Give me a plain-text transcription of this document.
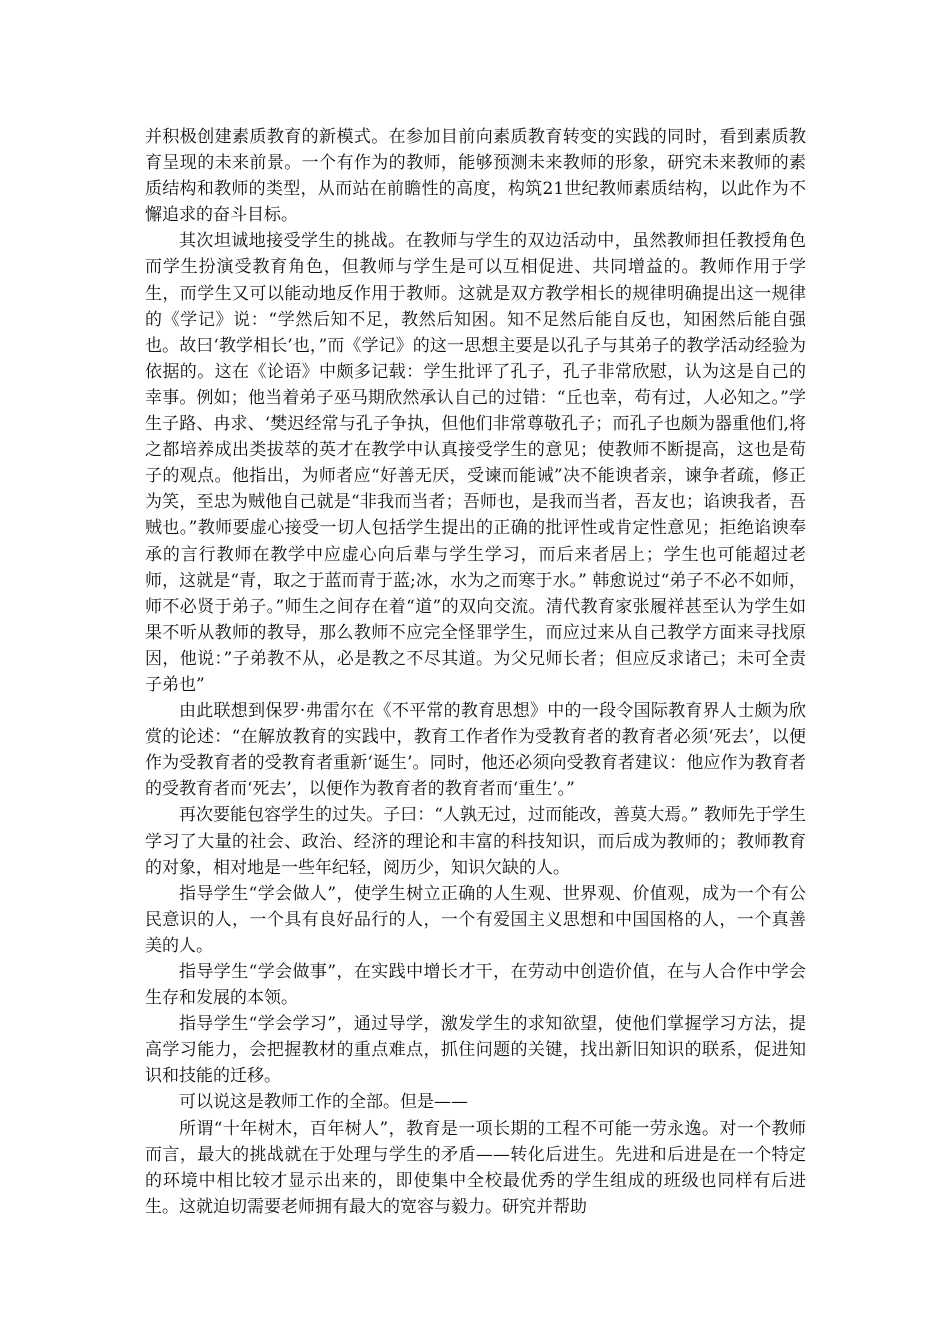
并积极创建素质教育的新模式。在参加目前向素质教育转变的实践的同时，看到素质教育呈现的未来前景。一个有作为的教师，能够预测未来教师的形象，研究未来教师的素质结构和教师的类型，从而站在前瞻性的高度，构筑21世纪教师素质结构，以此作为不懈追求的奋斗目标。

其次坦诚地接受学生的挑战。在教师与学生的双边活动中，虽然教师担任教授角色而学生扮演受教育角色，但教师与学生是可以互相促进、共同增益的。教师作用于学生，而学生又可以能动地反作用于教师。这就是双方教学相长的规律明确提出这一规律的《学记》说：“学然后知不足，教然后知困。知不足然后能自反也，知困然后能自强也。故曰‘教学相长’也，”而《学记》的这一思想主要是以孔子与其弟子的教学活动经验为依据的。这在《论语》中颇多记载：学生批评了孔子，孔子非常欣慰，认为这是自己的幸事。例如；他当着弟子巫马期欣然承认自己的过错：“丘也幸，苟有过，人必知之。”学生子路、冉求、‘樊迟经常与孔子争执，但他们非常尊敬孔子；而孔子也颇为器重他们,将之都培养成出类拔萃的英才在教学中认真接受学生的意见；使教师不断提高，这也是荀子的观点。他指出，为师者应“好善无厌，受谏而能诫”决不能谀者亲，谏争者疏，修正为笑，至忠为贼他自己就是“非我而当者；吾师也，是我而当者，吾友也；谄谀我者，吾贼也。”教师要虚心接受一切人包括学生提出的正确的批评性或肯定性意见；拒绝谄谀奉承的言行教师在教学中应虚心向后辈与学生学习，而后来者居上；学生也可能超过老师，这就是“青，取之于蓝而青于蓝;冰，水为之而寒于水。” 韩愈说过“弟子不必不如师，师不必贤于弟子。”师生之间存在着“道”的双向交流。清代教育家张履祥甚至认为学生如果不听从教师的教导，那么教师不应完全怪罪学生，而应过来从自己教学方面来寻找原因，他说：”子弟教不从，必是教之不尽其道。为父兄师长者；但应反求诸己；未可全责子弟也”

由此联想到保罗·弗雷尔在《不平常的教育思想》中的一段令国际教育界人士颇为欣赏的论述：“在解放教育的实践中，教育工作者作为受教育者的教育者必须‘死去’，以便作为受教育者的受教育者重新‘诞生’。同时，他还必须向受教育者建议：他应作为教育者的受教育者而‘死去’，以便作为教育者的教育者而‘重生’。”

再次要能包容学生的过失。子曰：“人孰无过，过而能改，善莫大焉。” 教师先于学生学习了大量的社会、政治、经济的理论和丰富的科技知识，而后成为教师的；教师教育的对象，相对地是一些年纪轻，阅历少，知识欠缺的人。

指导学生“学会做人”，使学生树立正确的人生观、世界观、价值观，成为一个有公民意识的人，一个具有良好品行的人，一个有爱国主义思想和中国国格的人，一个真善美的人。

指导学生“学会做事”，在实践中增长才干，在劳动中创造价值，在与人合作中学会生存和发展的本领。

指导学生“学会学习”，通过导学，激发学生的求知欲望，使他们掌握学习方法，提高学习能力，会把握教材的重点难点，抓住问题的关键，找出新旧知识的联系，促进知识和技能的迁移。

可以说这是教师工作的全部。但是——

所谓“十年树木，百年树人”，教育是一项长期的工程不可能一劳永逸。对一个教师而言，最大的挑战就在于处理与学生的矛盾——转化后进生。先进和后进是在一个特定的环境中相比较才显示出来的，即使集中全校最优秀的学生组成的班级也同样有后进生。这就迫切需要老师拥有最大的宽容与毅力。研究并帮助
